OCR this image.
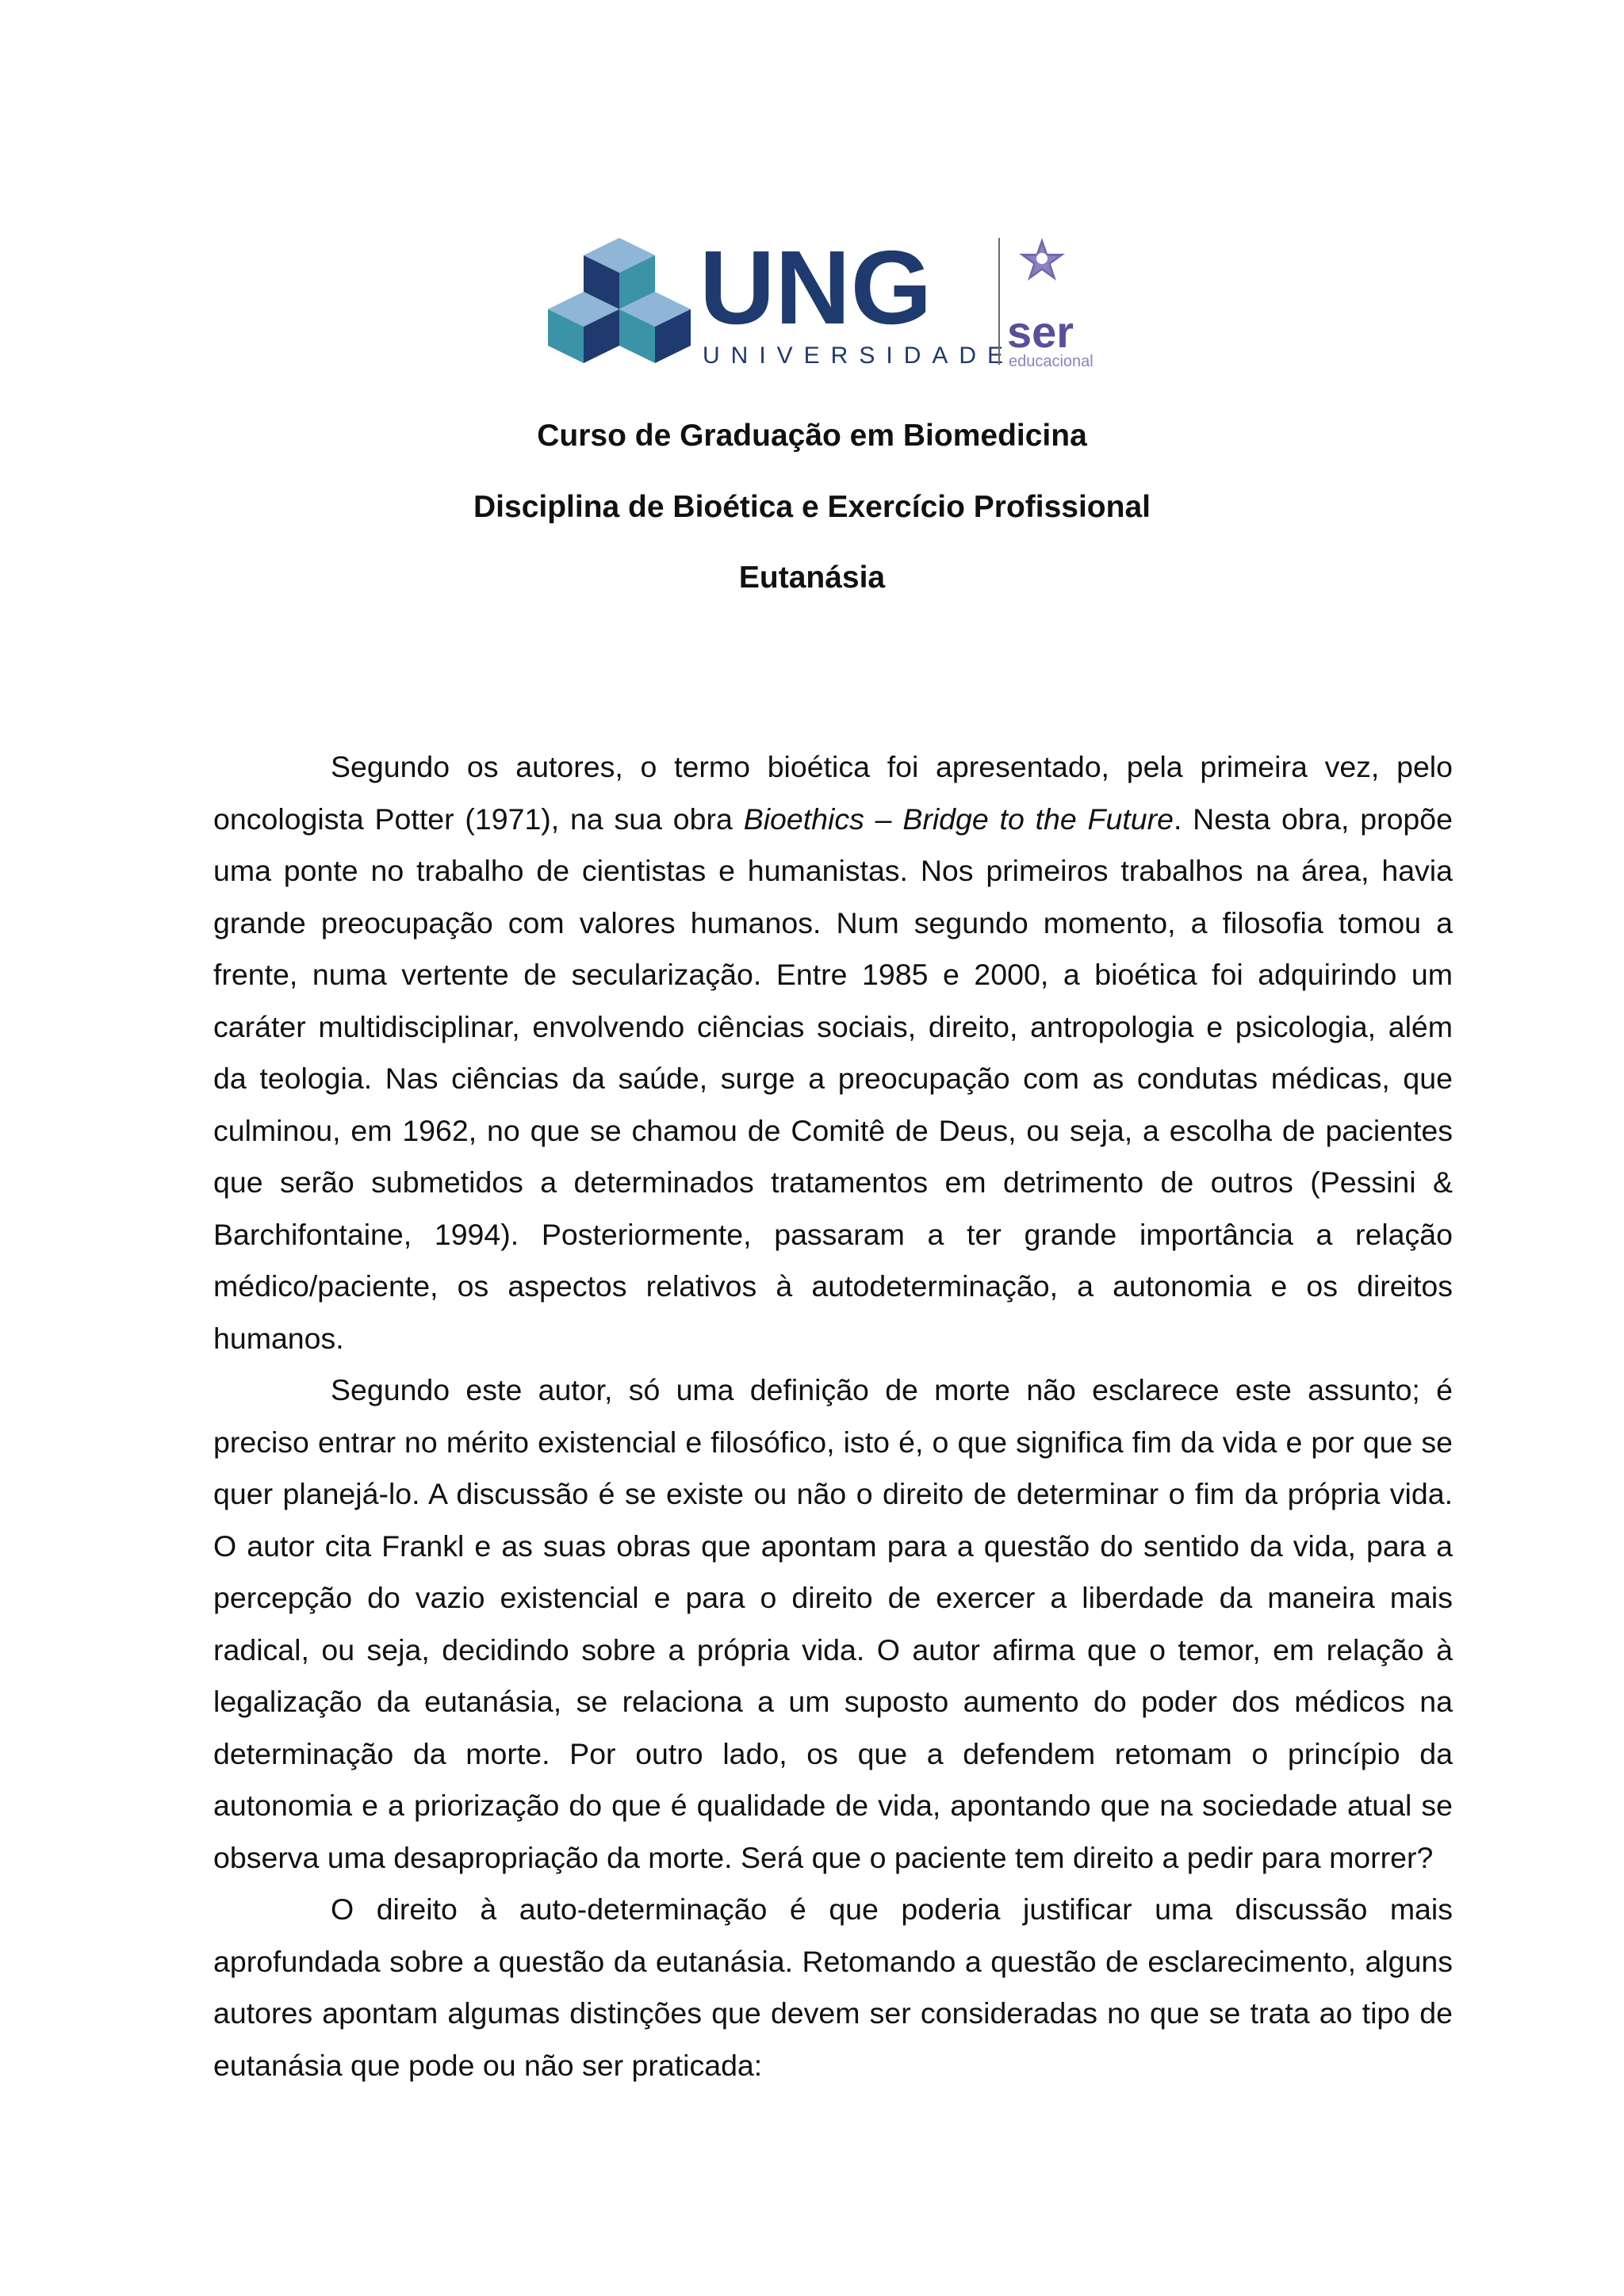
UNG
UNIVERSIDADE
ser
educacional
Curso de Graduação em Biomedicina
Disciplina de Bioética e Exercício Profissional
Eutanásia

Segundo os autores, o termo bioética foi apresentado, pela primeira vez, pelo oncologista Potter (1971), na sua obra Bioethics – Bridge to the Future. Nesta obra, propõe uma ponte no trabalho de cientistas e humanistas. Nos primeiros trabalhos na área, havia grande preocupação com valores humanos. Num segundo momento, a filosofia tomou a frente, numa vertente de secularização. Entre 1985 e 2000, a bioética foi adquirindo um caráter multidisciplinar, envolvendo ciências sociais, direito, antropologia e psicologia, além da teologia. Nas ciências da saúde, surge a preocupação com as condutas médicas, que culminou, em 1962, no que se chamou de Comitê de Deus, ou seja, a escolha de pacientes que serão submetidos a determinados tratamentos em detrimento de outros (Pessini & Barchifontaine, 1994). Posteriormente, passaram a ter grande importância a relação médico/paciente, os aspectos relativos à autodeterminação, a autonomia e os direitos humanos.

Segundo este autor, só uma definição de morte não esclarece este assunto; é preciso entrar no mérito existencial e filosófico, isto é, o que significa fim da vida e por que se quer planejá-lo. A discussão é se existe ou não o direito de determinar o fim da própria vida. O autor cita Frankl e as suas obras que apontam para a questão do sentido da vida, para a percepção do vazio existencial e para o direito de exercer a liberdade da maneira mais radical, ou seja, decidindo sobre a própria vida. O autor afirma que o temor, em relação à legalização da eutanásia, se relaciona a um suposto aumento do poder dos médicos na determinação da morte. Por outro lado, os que a defendem retomam o princípio da autonomia e a priorização do que é qualidade de vida, apontando que na sociedade atual se observa uma desapropriação da morte. Será que o paciente tem direito a pedir para morrer?

O direito à auto-determinação é que poderia justificar uma discussão mais aprofundada sobre a questão da eutanásia. Retomando a questão de esclarecimento, alguns autores apontam algumas distinções que devem ser consideradas no que se trata ao tipo de eutanásia que pode ou não ser praticada:
